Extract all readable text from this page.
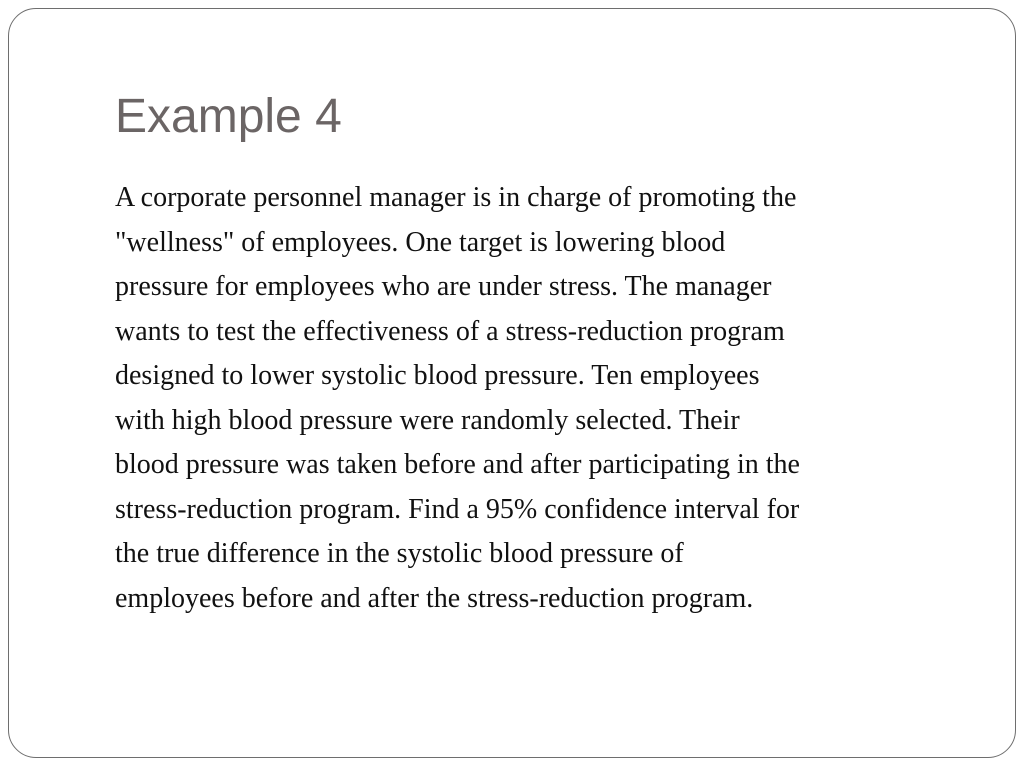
Example 4

A corporate personnel manager is in charge of promoting the
"wellness" of employees. One target is lowering blood
pressure for employees who are under stress. The manager
wants to test the effectiveness of a stress-reduction program
designed to lower systolic blood pressure. Ten employees
with high blood pressure were randomly selected. Their
blood pressure was taken before and after participating in the
stress-reduction program. Find a 95% confidence interval for
the true difference in the systolic blood pressure of
employees before and after the stress-reduction program.
